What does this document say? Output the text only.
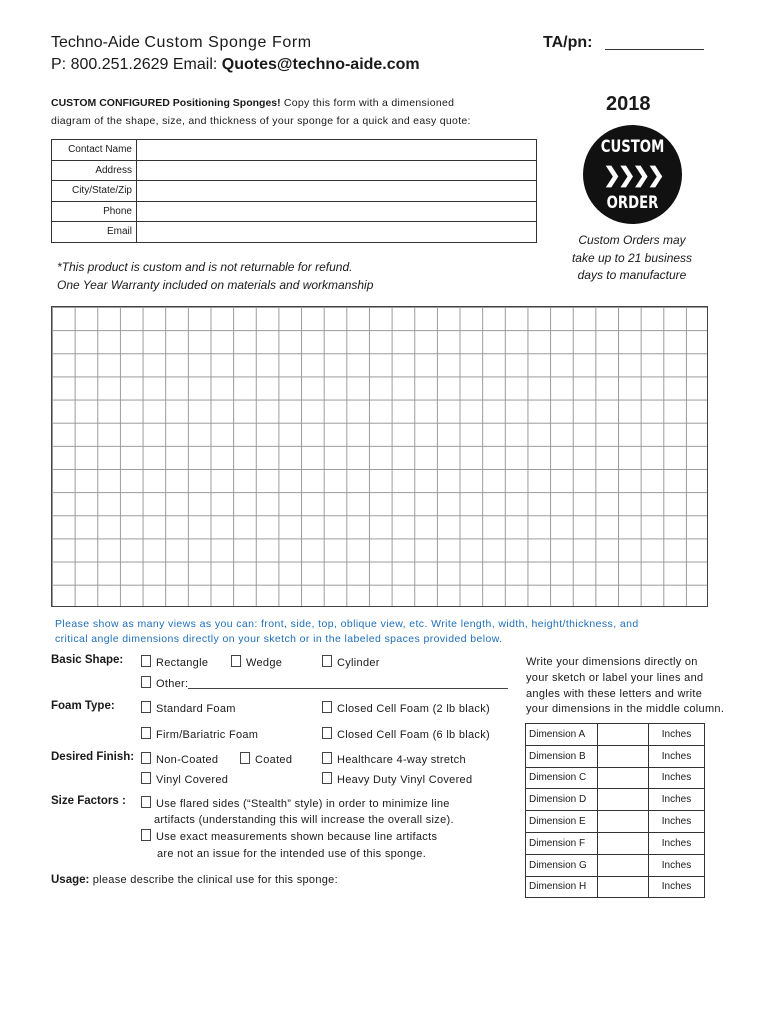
Techno-Aide Custom Sponge Form
P: 800.251.2629 Email: Quotes@techno-aide.com
TA/pn:
2018
CUSTOM CONFIGURED Positioning Sponges! Copy this form with a dimensioned
diagram of the shape, size, and thickness of your sponge for a quick and easy quote:
Contact Name	
Address	
City/State/Zip	
Phone	
Email	
CUSTOM
❯❯❯❯
ORDER
Custom Orders may
take up to 21 business
days to manufacture
*This product is custom and is not returnable for refund.
One Year Warranty included on materials and workmanship
Please show as many views as you can: front, side, top, oblique view, etc. Write length, width, height/thickness, and
critical angle dimensions directly on your sketch or in the labeled spaces provided below.
Basic Shape:	Rectangle	Wedge	Cylinder
Other:
Foam Type:	Standard Foam	Closed Cell Foam (2 lb black)
Firm/Bariatric Foam	Closed Cell Foam (6 lb black)
Desired Finish:	Non-Coated	Coated	Healthcare 4-way stretch
Vinyl Covered	Heavy Duty Vinyl Covered
Size Factors :	Use flared sides (“Stealth” style) in order to minimize line
artifacts (understanding this will increase the overall size).
Use exact measurements shown because line artifacts
are not an issue for the intended use of this sponge.
Usage: please describe the clinical use for this sponge:
Write your dimensions directly on
your sketch or label your lines and
angles with these letters and write
your dimensions in the middle column.
Dimension A		Inches
Dimension B		Inches
Dimension C		Inches
Dimension D		Inches
Dimension E		Inches
Dimension F		Inches
Dimension G		Inches
Dimension H		Inches
